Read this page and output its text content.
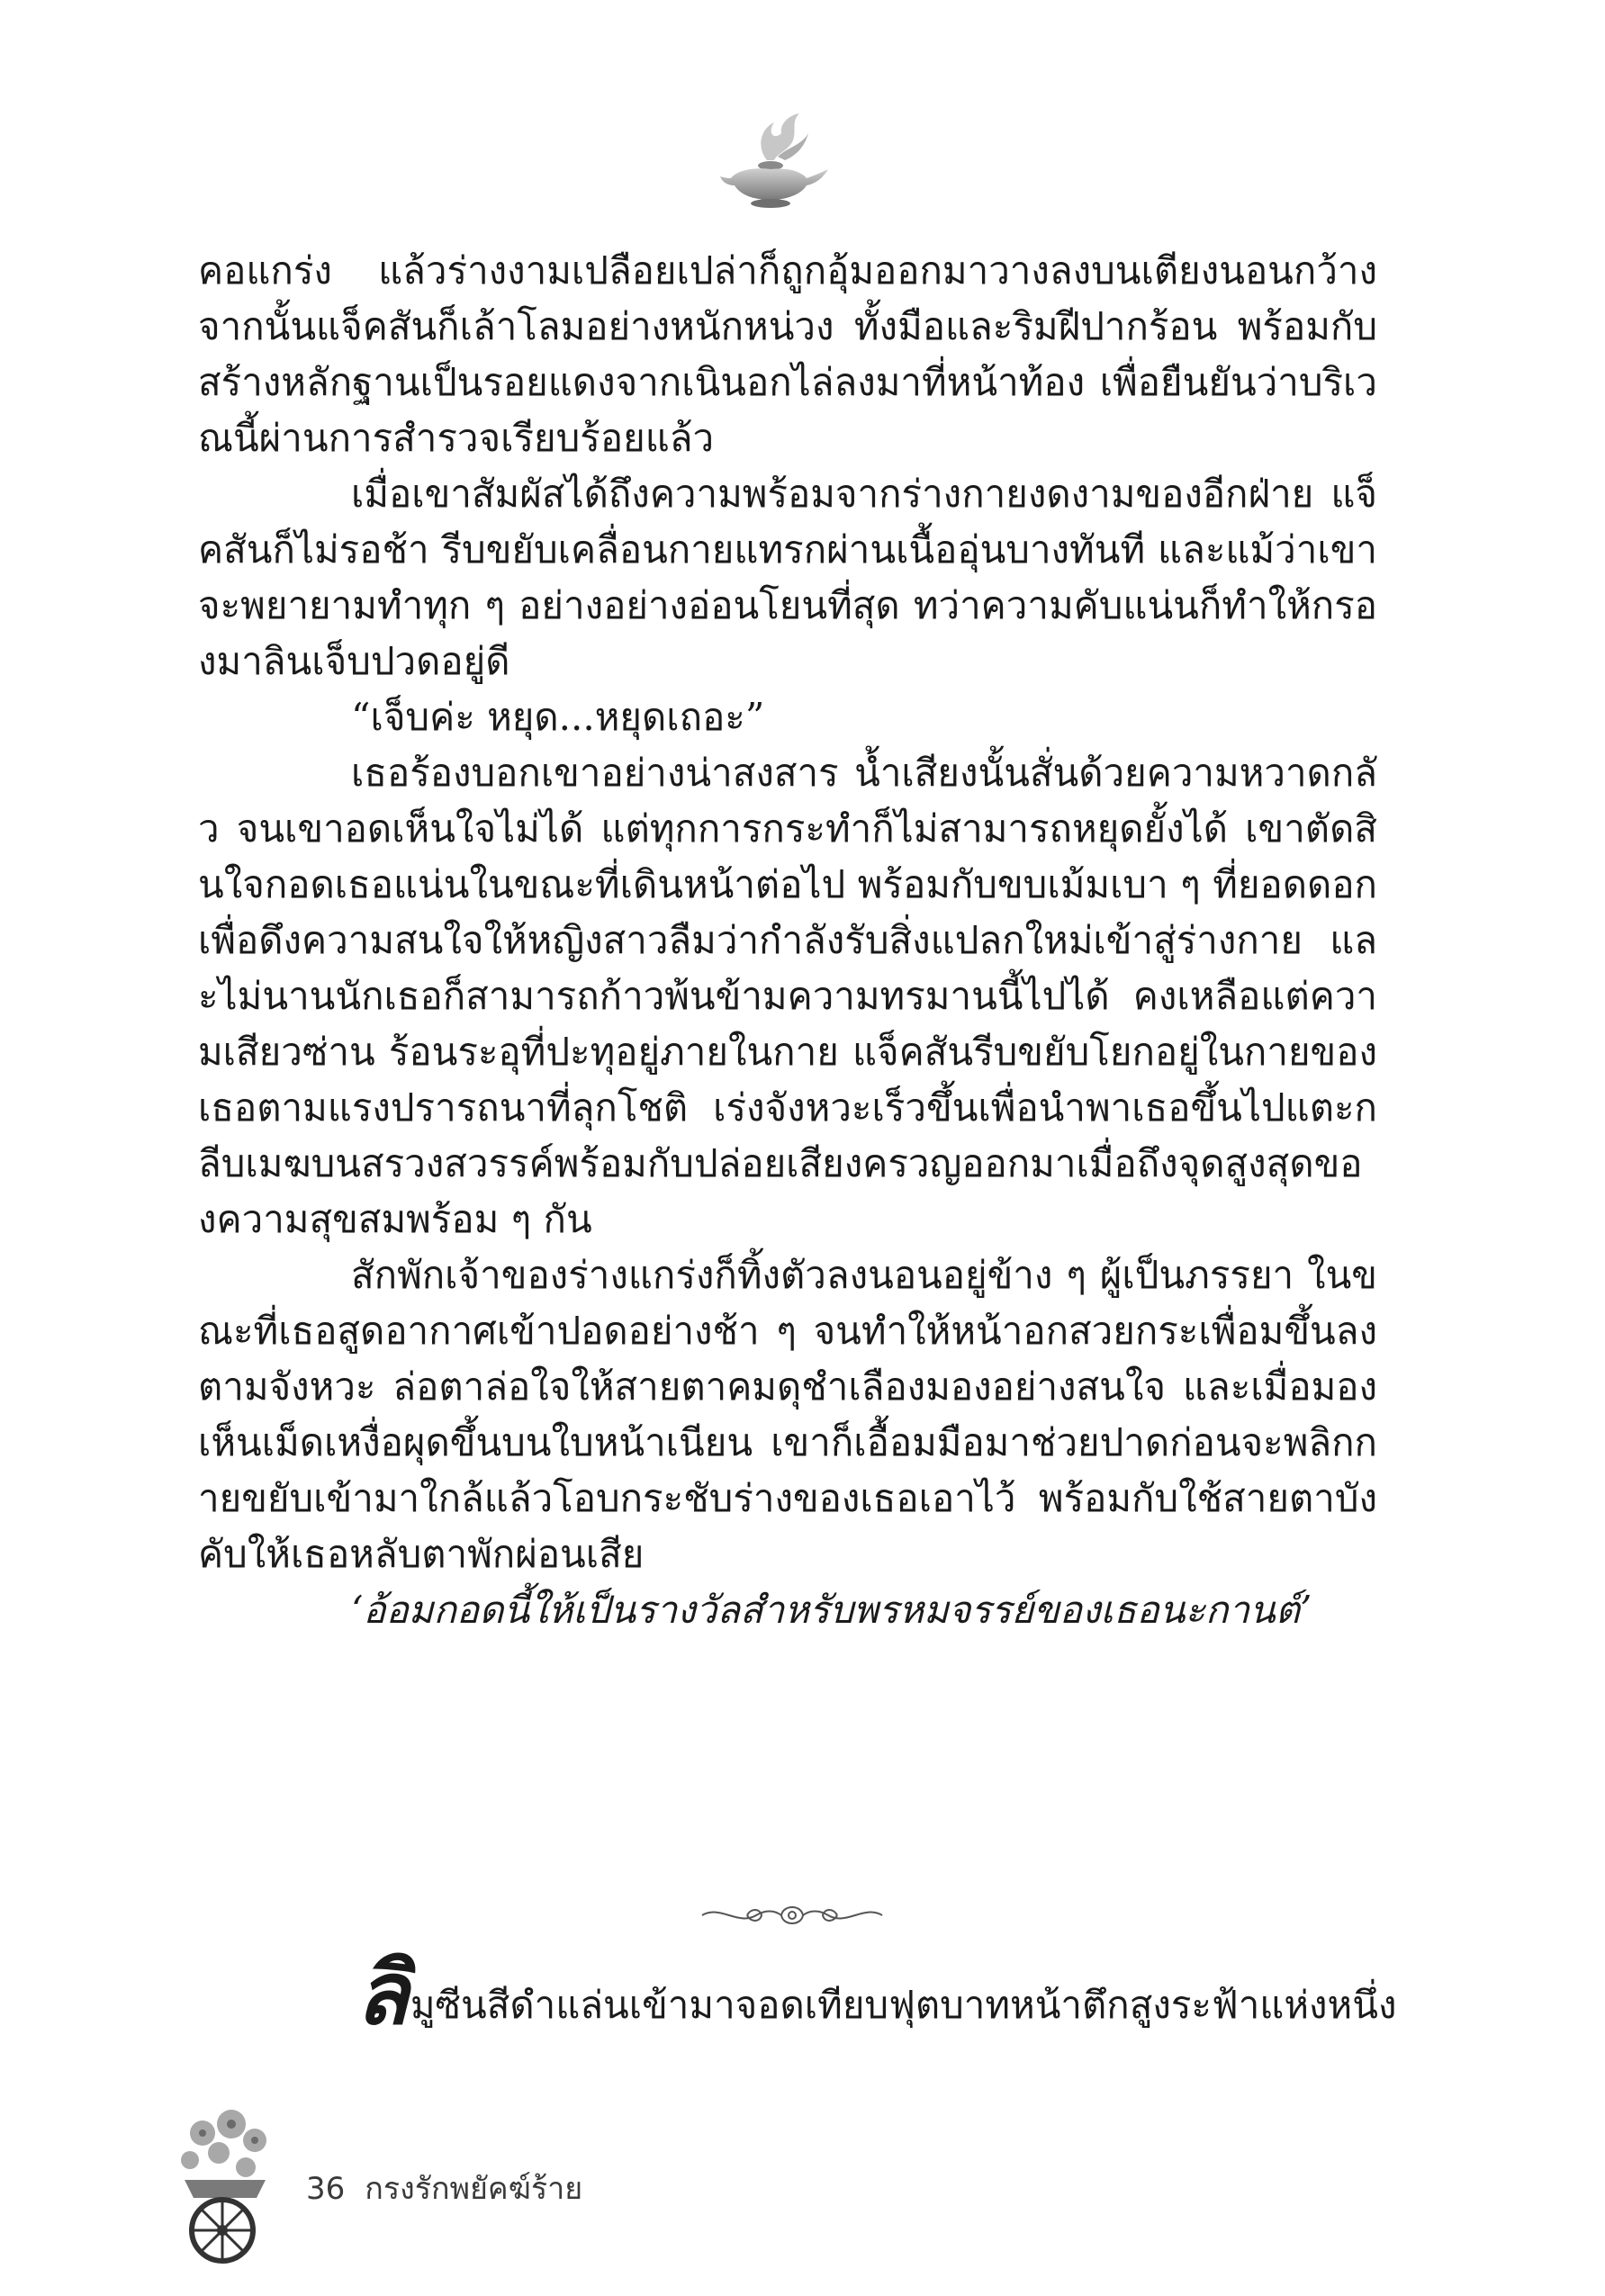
คอแกร่ง แล้วร่างงามเปลือยเปล่าก็ถูกอุ้มออกมาวางลงบนเตียงนอนกว้าง จากนั้นแจ็คสันก็เล้าโลมอย่างหนักหน่วง ทั้งมือและริมฝีปากร้อน พร้อมกับสร้างหลักฐานเป็นรอยแดงจากเนินอกไล่ลงมาที่หน้าท้อง เพื่อยืนยันว่าบริเวณนี้ผ่านการสำรวจเรียบร้อยแล้ว

เมื่อเขาสัมผัสได้ถึงความพร้อมจากร่างกายงดงามของอีกฝ่าย แจ็คสันก็ไม่รอช้า รีบขยับเคลื่อนกายแทรกผ่านเนื้ออุ่นบางทันที และแม้ว่าเขาจะพยายามทำทุก ๆ อย่างอย่างอ่อนโยนที่สุด ทว่าความคับแน่นก็ทำให้กรองมาลินเจ็บปวดอยู่ดี

“เจ็บค่ะ หยุด...หยุดเถอะ”

เธอร้องบอกเขาอย่างน่าสงสาร น้ำเสียงนั้นสั่นด้วยความหวาดกลัว จนเขาอดเห็นใจไม่ได้ แต่ทุกการกระทำก็ไม่สามารถหยุดยั้งได้ เขาตัดสินใจกอดเธอแน่นในขณะที่เดินหน้าต่อไป พร้อมกับขบเม้มเบา ๆ ที่ยอดดอกเพื่อดึงความสนใจให้หญิงสาวลืมว่ากำลังรับสิ่งแปลกใหม่เข้าสู่ร่างกาย และไม่นานนักเธอก็สามารถก้าวพ้นข้ามความทรมานนี้ไปได้ คงเหลือแต่ความเสียวซ่าน ร้อนระอุที่ปะทุอยู่ภายในกาย แจ็คสันรีบขยับโยกอยู่ในกายของเธอตามแรงปรารถนาที่ลุกโชติ เร่งจังหวะเร็วขึ้นเพื่อนำพาเธอขึ้นไปแตะกลีบเมฆบนสรวงสวรรค์พร้อมกับปล่อยเสียงครวญออกมาเมื่อถึงจุดสูงสุดของความสุขสมพร้อม ๆ กัน

สักพักเจ้าของร่างแกร่งก็ทิ้งตัวลงนอนอยู่ข้าง ๆ ผู้เป็นภรรยา ในขณะที่เธอสูดอากาศเข้าปอดอย่างช้า ๆ จนทำให้หน้าอกสวยกระเพื่อมขึ้นลงตามจังหวะ ล่อตาล่อใจให้สายตาคมดุชำเลืองมองอย่างสนใจ และเมื่อมองเห็นเม็ดเหงื่อผุดขึ้นบนใบหน้าเนียน เขาก็เอื้อมมือมาช่วยปาดก่อนจะพลิกกายขยับเข้ามาใกล้แล้วโอบกระชับร่างของเธอเอาไว้ พร้อมกับใช้สายตาบังคับให้เธอหลับตาพักผ่อนเสีย

‘อ้อมกอดนี้ให้เป็นรางวัลสำหรับพรหมจรรย์ของเธอนะกานต์’

ลิมูซีนสีดำแล่นเข้ามาจอดเทียบฟุตบาทหน้าตึกสูงระฟ้าแห่งหนึ่ง
36 กรงรักพยัคฆ์ร้าย
